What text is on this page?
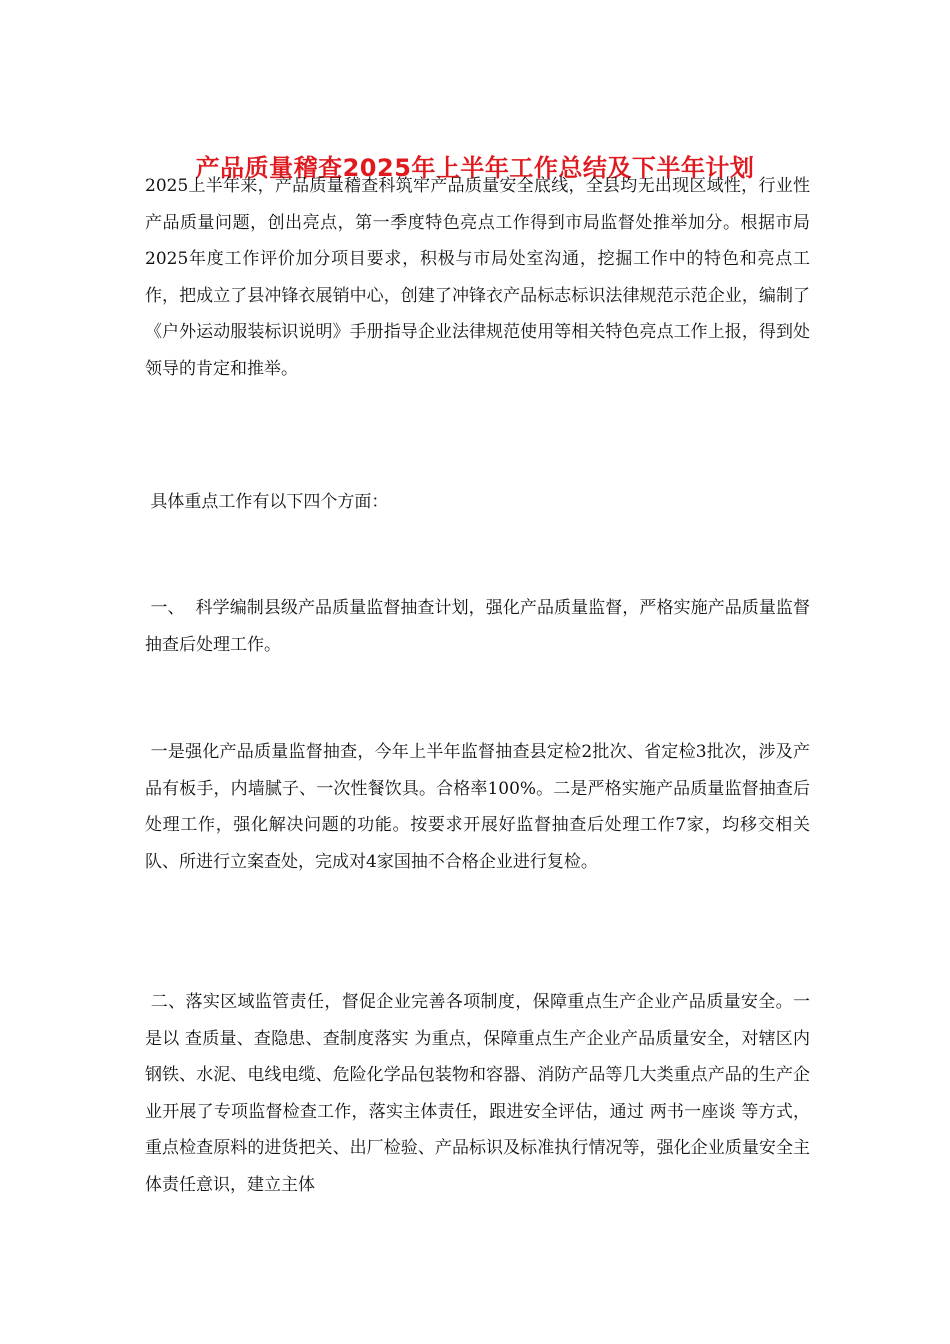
产品质量稽查2025年上半年工作总结及下半年计划

2025上半年来，产品质量稽查科筑牢产品质量安全底线，全县均无出现区域性，行业性产品质量问题，创出亮点，第一季度特色亮点工作得到市局监督处推举加分。根据市局2025年度工作评价加分项目要求，积极与市局处室沟通，挖掘工作中的特色和亮点工作，把成立了县冲锋衣展销中心，创建了冲锋衣产品标志标识法律规范示范企业，编制了《户外运动服装标识说明》手册指导企业法律规范使用等相关特色亮点工作上报，得到处领导的肯定和推举。

具体重点工作有以下四个方面：

一、  科学编制县级产品质量监督抽查计划，强化产品质量监督，严格实施产品质量监督抽查后处理工作。

一是强化产品质量监督抽查，今年上半年监督抽查县定检2批次、省定检3批次，涉及产品有板手，内墙腻子、一次性餐饮具。合格率100%。二是严格实施产品质量监督抽查后处理工作，强化解决问题的功能。按要求开展好监督抽查后处理工作7家，均移交相关队、所进行立案查处，完成对4家国抽不合格企业进行复检。

二、落实区域监管责任，督促企业完善各项制度，保障重点生产企业产品质量安全。一是以 查质量、查隐患、查制度落实 为重点，保障重点生产企业产品质量安全，对辖区内钢铁、水泥、电线电缆、危险化学品包装物和容器、消防产品等几大类重点产品的生产企业开展了专项监督检查工作，落实主体责任，跟进安全评估，通过 两书一座谈 等方式，重点检查原料的进货把关、出厂检验、产品标识及标准执行情况等，强化企业质量安全主体责任意识，建立主体
